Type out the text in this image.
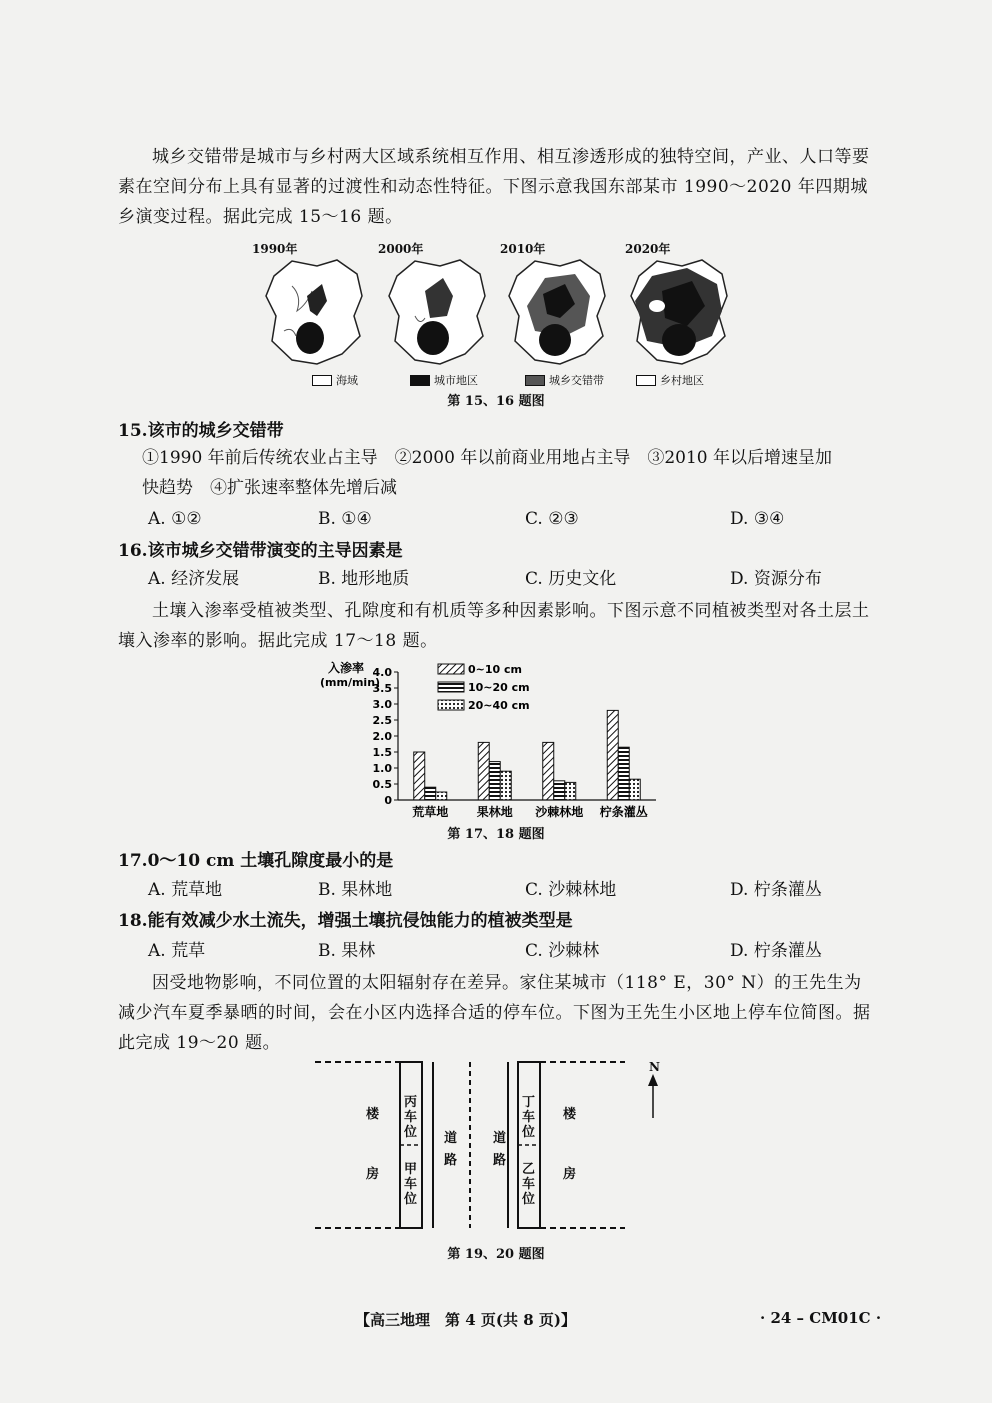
城乡交错带是城市与乡村两大区域系统相互作用、相互渗透形成的独特空间，产业、人口等要素在空间分布上具有显著的过渡性和动态性特征。下图示意我国东部某市 1990～2020 年四期城乡演变过程。据此完成 15～16 题。

1990年	2000年	2010年	2020年
海域	城市地区	城乡交错带	乡村地区
第 15、16 题图
15.该市的城乡交错带
①1990 年前后传统农业占主导　②2000 年以前商业用地占主导　③2010 年以后增速呈加
快趋势　④扩张速率整体先增后减
A. ①②	B. ①④	C. ②③	D. ③④
16.该市城乡交错带演变的主导因素是
A. 经济发展	B. 地形地质	C. 历史文化	D. 资源分布

土壤入渗率受植被类型、孔隙度和有机质等多种因素影响。下图示意不同植被类型对各土层土壤入渗率的影响。据此完成 17～18 题。

入渗率
(mm/min)
0
0.5
1.0
1.5
2.0
2.5
3.0
3.5
4.0
荒草地 果林地 沙棘林地 柠条灌丛
0~10 cm
10~20 cm
20~40 cm
第 17、18 题图
17.0～10 cm 土壤孔隙度最小的是
A. 荒草地	B. 果林地	C. 沙棘林地	D. 柠条灌丛
18.能有效减少水土流失，增强土壤抗侵蚀能力的植被类型是
A. 荒草	B. 果林	C. 沙棘林	D. 柠条灌丛

因受地物影响，不同位置的太阳辐射存在差异。家住某城市（118° E，30° N）的王先生为减少汽车夏季暴晒的时间，会在小区内选择合适的停车位。下图为王先生小区地上停车位简图。据此完成 19～20 题。

楼
房
丙车位
甲车位
道路
道路
丁车位
乙车位
楼
房
N
第 19、20 题图
【高三地理　第 4 页(共 8 页)】	· 24 – CM01C ·
